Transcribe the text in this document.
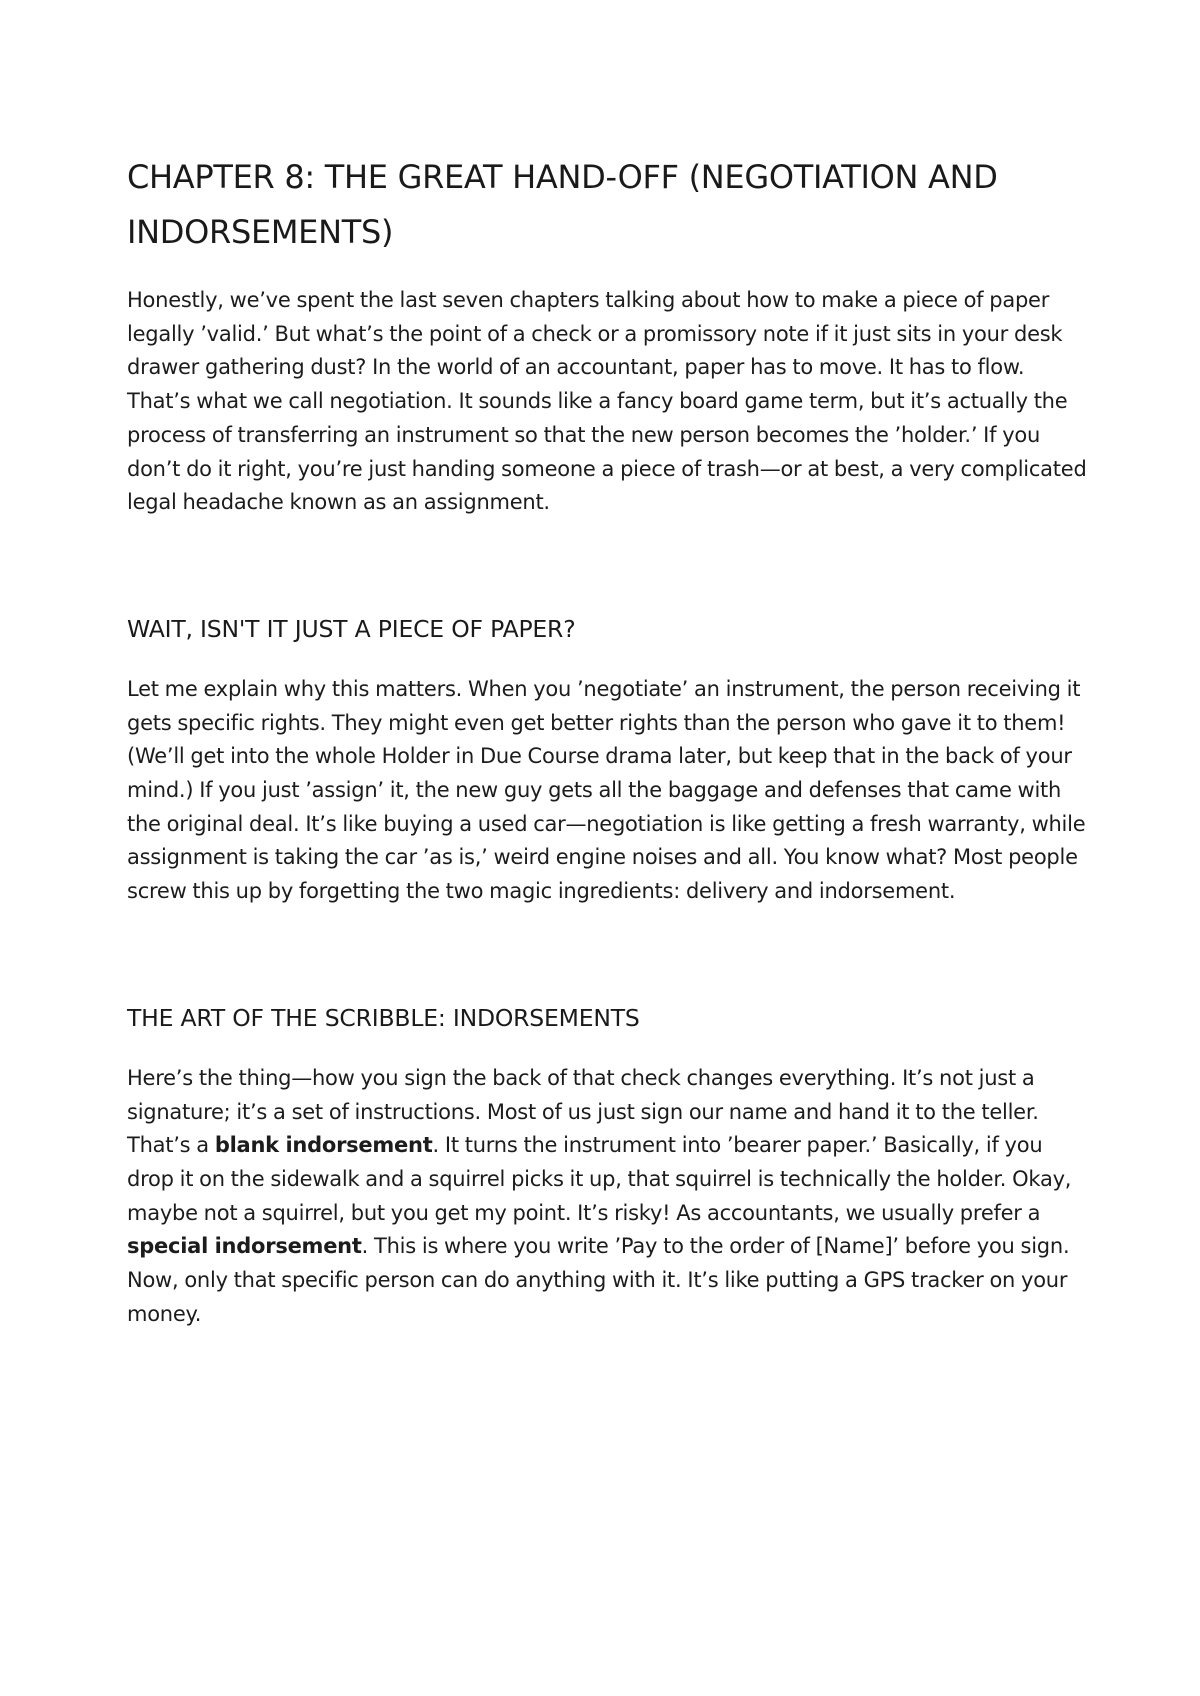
CHAPTER 8: THE GREAT HAND-OFF (NEGOTIATION AND INDORSEMENTS)

Honestly, we’ve spent the last seven chapters talking about how to make a piece of paper legally ’valid.’ But what’s the point of a check or a promissory note if it just sits in your desk drawer gathering dust? In the world of an accountant, paper has to move. It has to flow. That’s what we call negotiation. It sounds like a fancy board game term, but it’s actually the process of transferring an instrument so that the new person becomes the ’holder.’ If you don’t do it right, you’re just handing someone a piece of trash—or at best, a very complicated legal headache known as an assignment.

WAIT, ISN'T IT JUST A PIECE OF PAPER?

Let me explain why this matters. When you ’negotiate’ an instrument, the person receiving it gets specific rights. They might even get better rights than the person who gave it to them! (We’ll get into the whole Holder in Due Course drama later, but keep that in the back of your mind.) If you just ’assign’ it, the new guy gets all the baggage and defenses that came with the original deal. It’s like buying a used car—negotiation is like getting a fresh warranty, while assignment is taking the car ’as is,’ weird engine noises and all. You know what? Most people screw this up by forgetting the two magic ingredients: delivery and indorsement.

THE ART OF THE SCRIBBLE: INDORSEMENTS

Here’s the thing—how you sign the back of that check changes everything. It’s not just a signature; it’s a set of instructions. Most of us just sign our name and hand it to the teller. That’s a blank indorsement. It turns the instrument into ’bearer paper.’ Basically, if you drop it on the sidewalk and a squirrel picks it up, that squirrel is technically the holder. Okay, maybe not a squirrel, but you get my point. It’s risky! As accountants, we usually prefer a special indorsement. This is where you write ’Pay to the order of [Name]’ before you sign. Now, only that specific person can do anything with it. It’s like putting a GPS tracker on your money.
